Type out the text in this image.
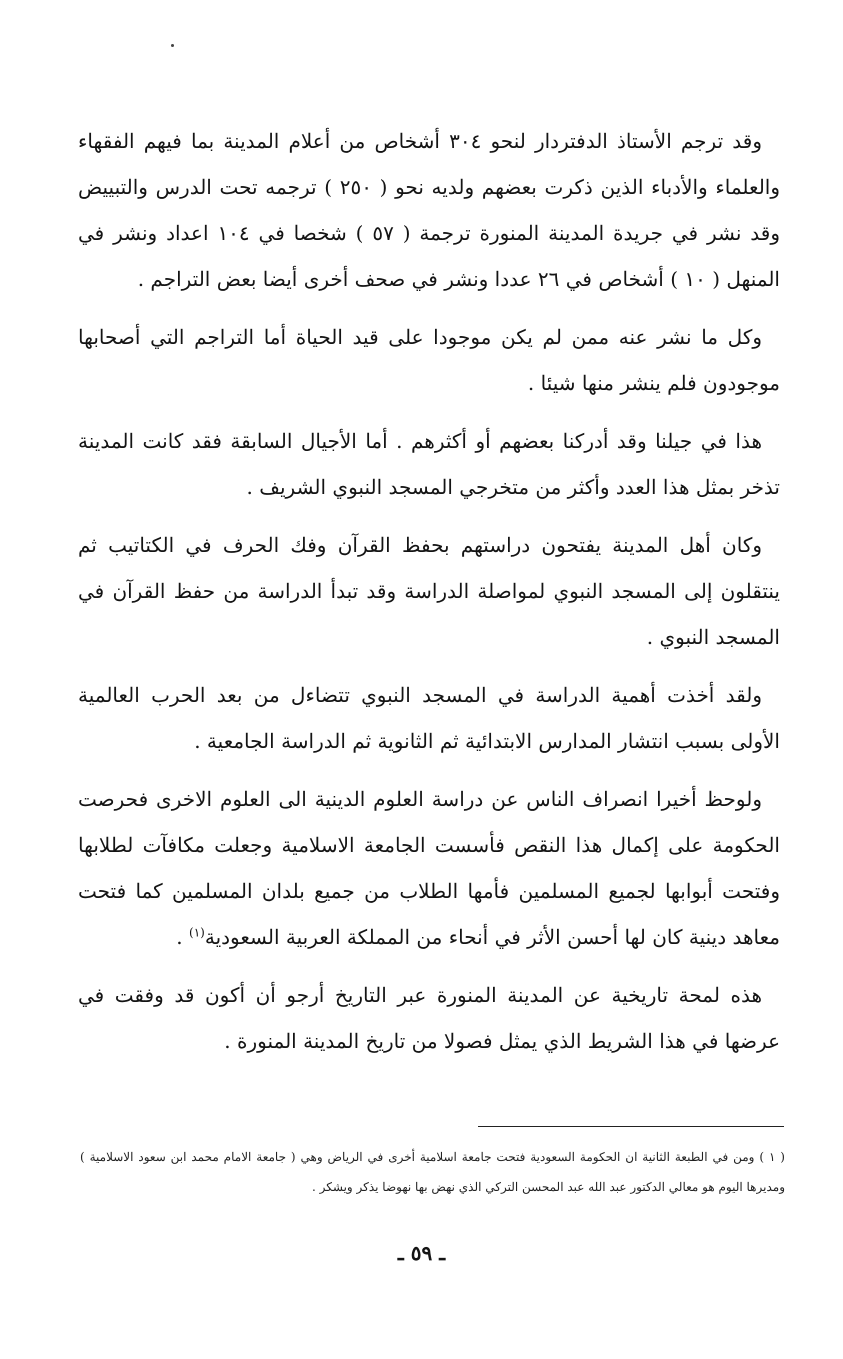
وقد ترجم الأستاذ الدفتردار لنحو ٣٠٤ أشخاص من أعلام المدينة بما فيهم الفقهاء والعلماء والأدباء الذين ذكرت بعضهم ولديه نحو ( ٢٥٠ ) ترجمه تحت الدرس والتبييض وقد نشر في جريدة المدينة المنورة ترجمة ( ٥٧ ) شخصا في ١٠٤ اعداد ونشر في المنهل ( ١٠ ) أشخاص في ٢٦ عددا ونشر في صحف أخرى أيضا بعض التراجم .

وكل ما نشر عنه ممن لم يكن موجودا على قيد الحياة أما التراجم التي أصحابها موجودون فلم ينشر منها شيئا .

هذا في جيلنا وقد أدركنا بعضهم أو أكثرهم . أما الأجيال السابقة فقد كانت المدينة تذخر بمثل هذا العدد وأكثر من متخرجي المسجد النبوي الشريف .

وكان أهل المدينة يفتحون دراستهم بحفظ القرآن وفك الحرف في الكتاتيب ثم ينتقلون إلى المسجد النبوي لمواصلة الدراسة وقد تبدأ الدراسة من حفظ القرآن في المسجد النبوي .

ولقد أخذت أهمية الدراسة في المسجد النبوي تتضاءل من بعد الحرب العالمية الأولى بسبب انتشار المدارس الابتدائية ثم الثانوية ثم الدراسة الجامعية .

ولوحظ أخيرا انصراف الناس عن دراسة العلوم الدينية الى العلوم الاخرى فحرصت الحكومة على إكمال هذا النقص فأسست الجامعة الاسلامية وجعلت مكافآت لطلابها وفتحت أبوابها لجميع المسلمين فأمها الطلاب من جميع بلدان المسلمين كما فتحت معاهد دينية كان لها أحسن الأثر في أنحاء من المملكة العربية السعودية$^{(١)}$ .

هذه لمحة تاريخية عن المدينة المنورة عبر التاريخ أرجو أن أكون قد وفقت في عرضها في هذا الشريط الذي يمثل فصولا من تاريخ المدينة المنورة .

( ١ ) ومن في الطبعة الثانية ان الحكومة السعودية فتحت جامعة اسلامية أخرى في الرياض وهي ( جامعة الامام محمد ابن سعود الاسلامية ) ومديرها اليوم هو معالي الدكتور عبد الله عبد المحسن التركي الذي نهض بها نهوضا يذكر ويشكر .
ـ ٥٩ ـ
